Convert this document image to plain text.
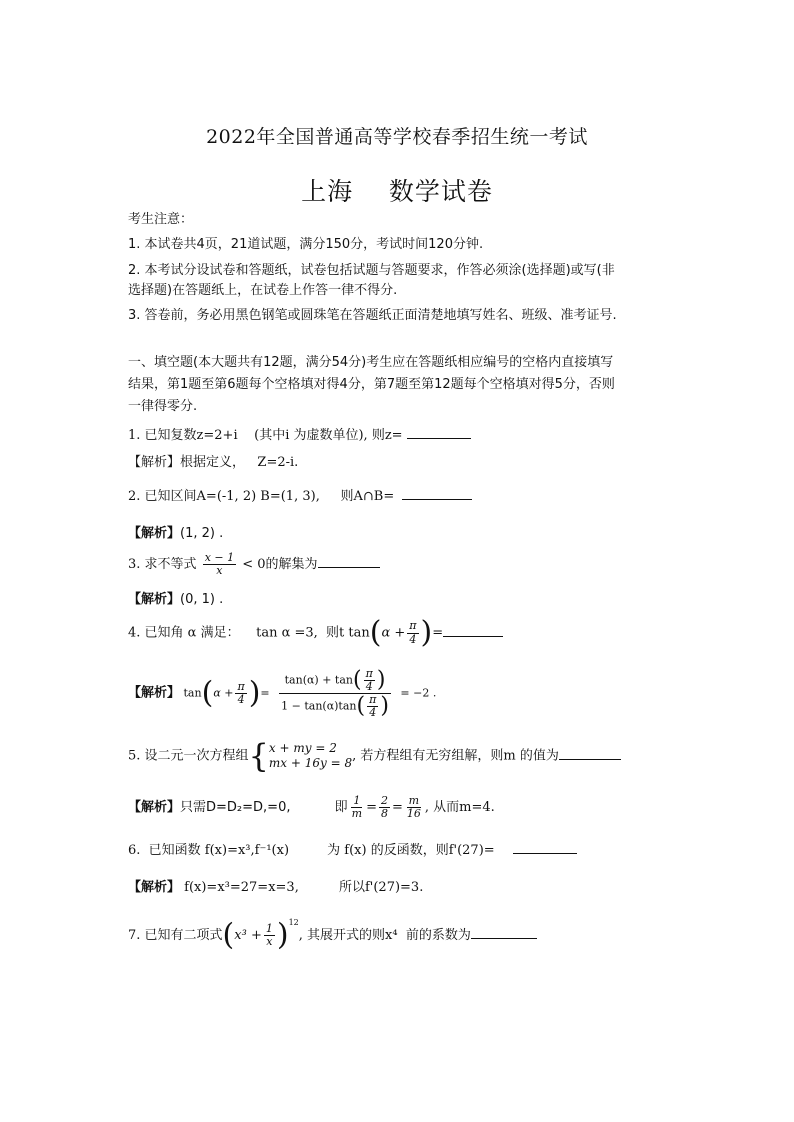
2022年全国普通高等学校春季招生统一考试
上海    数学试卷
考生注意：
1. 本试卷共4页，21道试题，满分150分，考试时间120分钟.
2. 本考试分设试卷和答题纸，试卷包括试题与答题要求，作答必须涂(选择题)或写(非
选择题)在答题纸上，在试卷上作答一律不得分.
3. 答卷前，务必用黑色钢笔或圆珠笔在答题纸正面清楚地填写姓名、班级、准考证号.
一、填空题(本大题共有12题，满分54分)考生应在答题纸相应编号的空格内直接填写
结果，第1题至第6题每个空格填对得4分，第7题至第12题每个空格填对得5分，否则
一律得零分.
1. 已知复数z=2+i    (其中i 为虚数单位), 则z=
【解析】根据定义，   Z=2-i.
2. 已知区间A=(-1, 2) B=(1, 3),     则A∩B=
【解析】(1, 2) .
3. 求不等式 $\frac{x - 1}{x} < 0$的解集为
【解析】(0, 1) .
4. 已知角 α 满足：    tan α =3,  则t $\tan(\alpha + \frac{\pi}{4}$ )=
【解析】 $\tan(\alpha + \frac{\pi}{4}$ )= $\frac{\tan(\alpha) + \tan( \frac{\pi}{4} )}{1 - \tan(\alpha)\tan( \frac{\pi}{4} )} = -2$ .
5. 设二元一次方程组{ x + my = 2
mx + 16y = 8 , 若方程组有无穷组解，则m 的值为
【解析】只需D=D₂=D,=0,	即 $\frac{1}{m} = \frac{2}{8} = \frac{m}{16}$ , 从而m=4.
6.  已知函数 f(x)=x³,f⁻¹(x)	为 f(x) 的反函数，则f'(27)=
【解析】 f(x)=x³=27=x=3,	所以f'(27)=3.
7. 已知有二项式$(x^3 + \frac{1}{x} )^{12}$, 其展开式的则x⁴  前的系数为
